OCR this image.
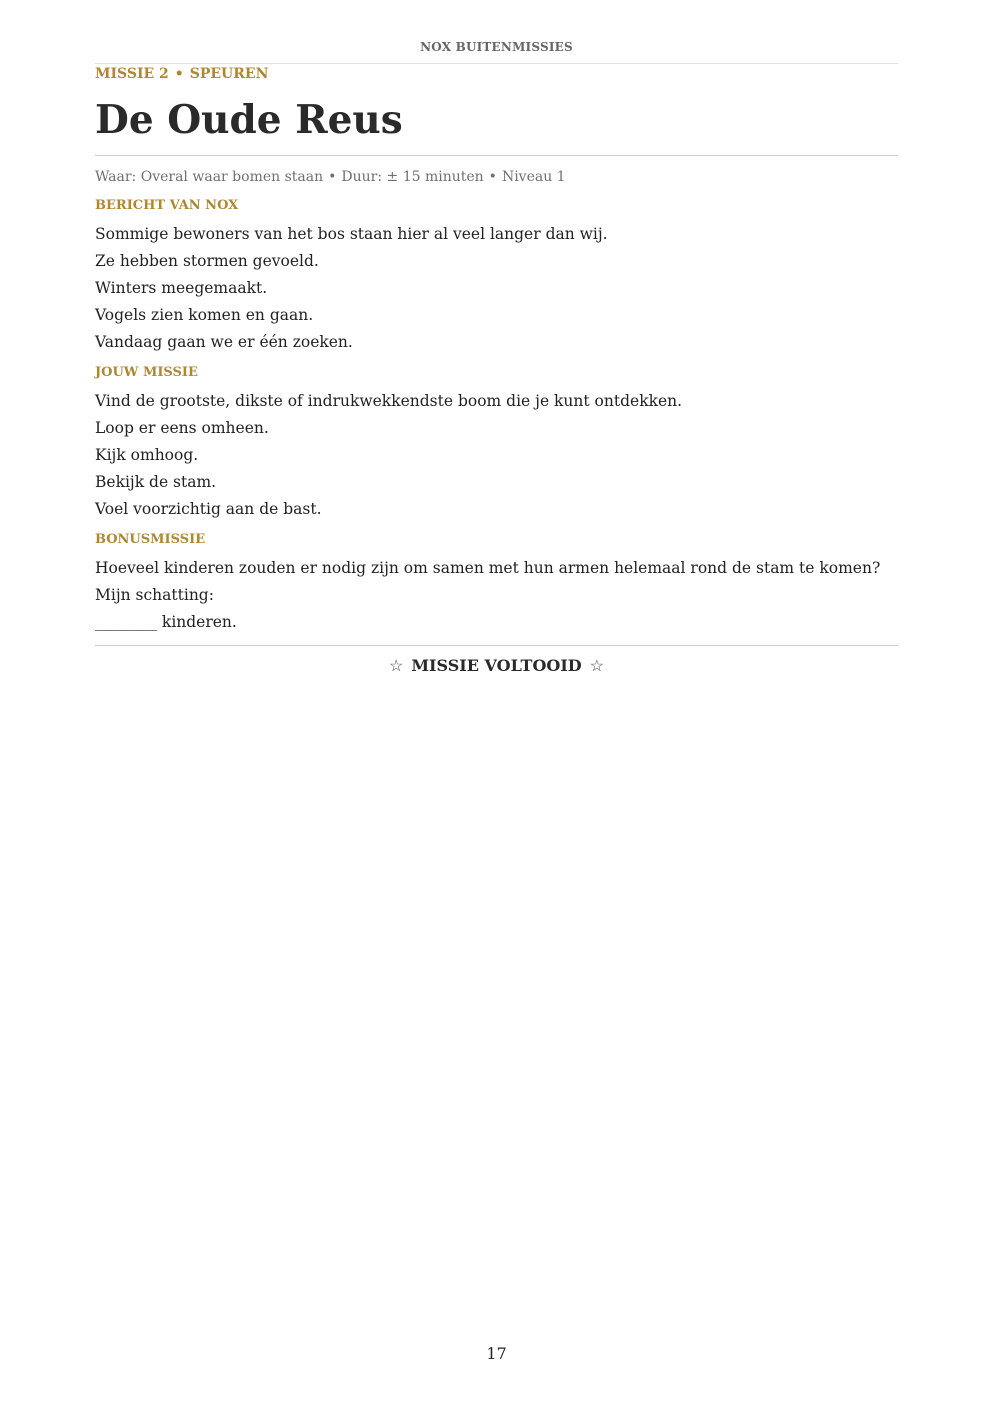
NOX BUITENMISSIES
MISSIE 2 • SPEUREN
De Oude Reus
Waar: Overal waar bomen staan • Duur: ± 15 minuten • Niveau 1
BERICHT VAN NOX
Sommige bewoners van het bos staan hier al veel langer dan wij.
Ze hebben stormen gevoeld.
Winters meegemaakt.
Vogels zien komen en gaan.
Vandaag gaan we er één zoeken.
JOUW MISSIE
Vind de grootste, dikste of indrukwekkendste boom die je kunt ontdekken.
Loop er eens omheen.
Kijk omhoog.
Bekijk de stam.
Voel voorzichtig aan de bast.
BONUSMISSIE
Hoeveel kinderen zouden er nodig zijn om samen met hun armen helemaal rond de stam te komen?
Mijn schatting:
________ kinderen.
☆ MISSIE VOLTOOID ☆
17
